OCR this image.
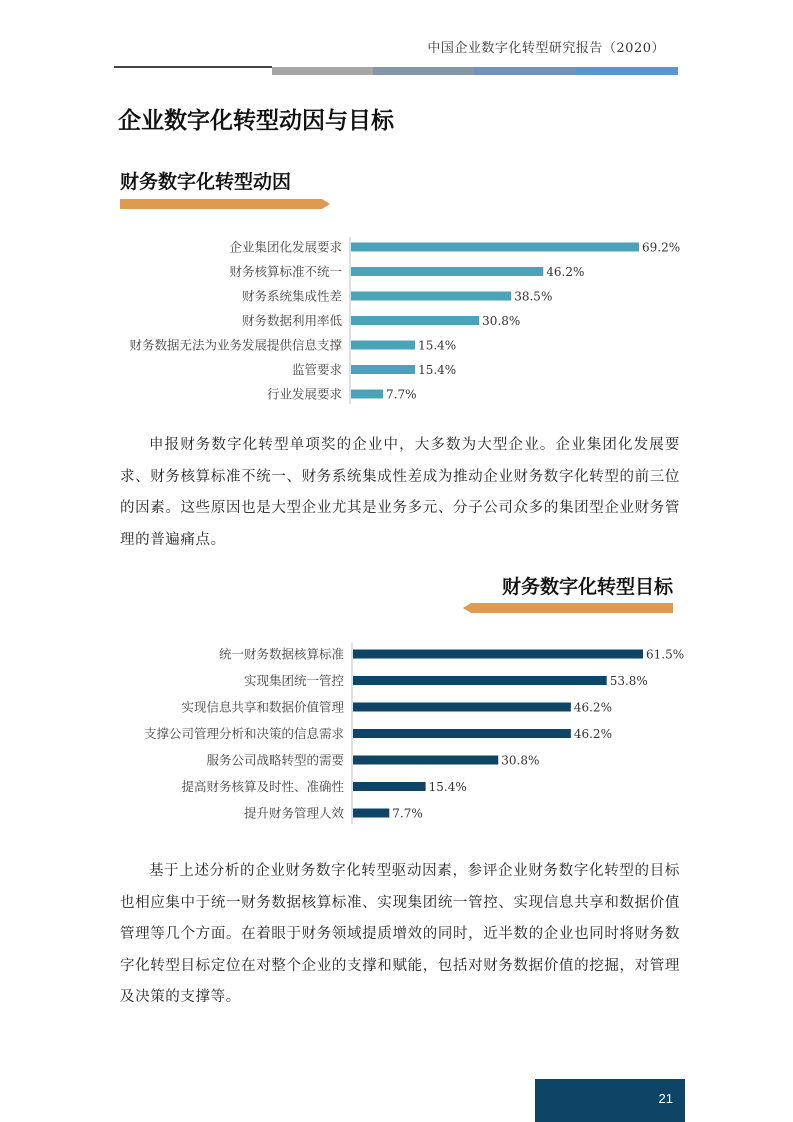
中国企业数字化转型研究报告（2020）
企业数字化转型动因与目标
财务数字化转型动因
企业集团化发展要求	69.2%
财务核算标准不统一	46.2%
财务系统集成性差	38.5%
财务数据利用率低	30.8%
财务数据无法为业务发展提供信息支撑	15.4%
监管要求	15.4%
行业发展要求	7.7%

申报财务数字化转型单项奖的企业中，大多数为大型企业。企业集团化发展要求、财务核算标准不统一、财务系统集成性差成为推动企业财务数字化转型的前三位的因素。这些原因也是大型企业尤其是业务多元、分子公司众多的集团型企业财务管理的普遍痛点。

财务数字化转型目标
统一财务数据核算标准	61.5%
实现集团统一管控	53.8%
实现信息共享和数据价值管理	46.2%
支撑公司管理分析和决策的信息需求	46.2%
服务公司战略转型的需要	30.8%
提高财务核算及时性、准确性	15.4%
提升财务管理人效	7.7%

基于上述分析的企业财务数字化转型驱动因素，参评企业财务数字化转型的目标也相应集中于统一财务数据核算标准、实现集团统一管控、实现信息共享和数据价值管理等几个方面。在着眼于财务领域提质增效的同时，近半数的企业也同时将财务数字化转型目标定位在对整个企业的支撑和赋能，包括对财务数据价值的挖掘，对管理及决策的支撑等。

21
